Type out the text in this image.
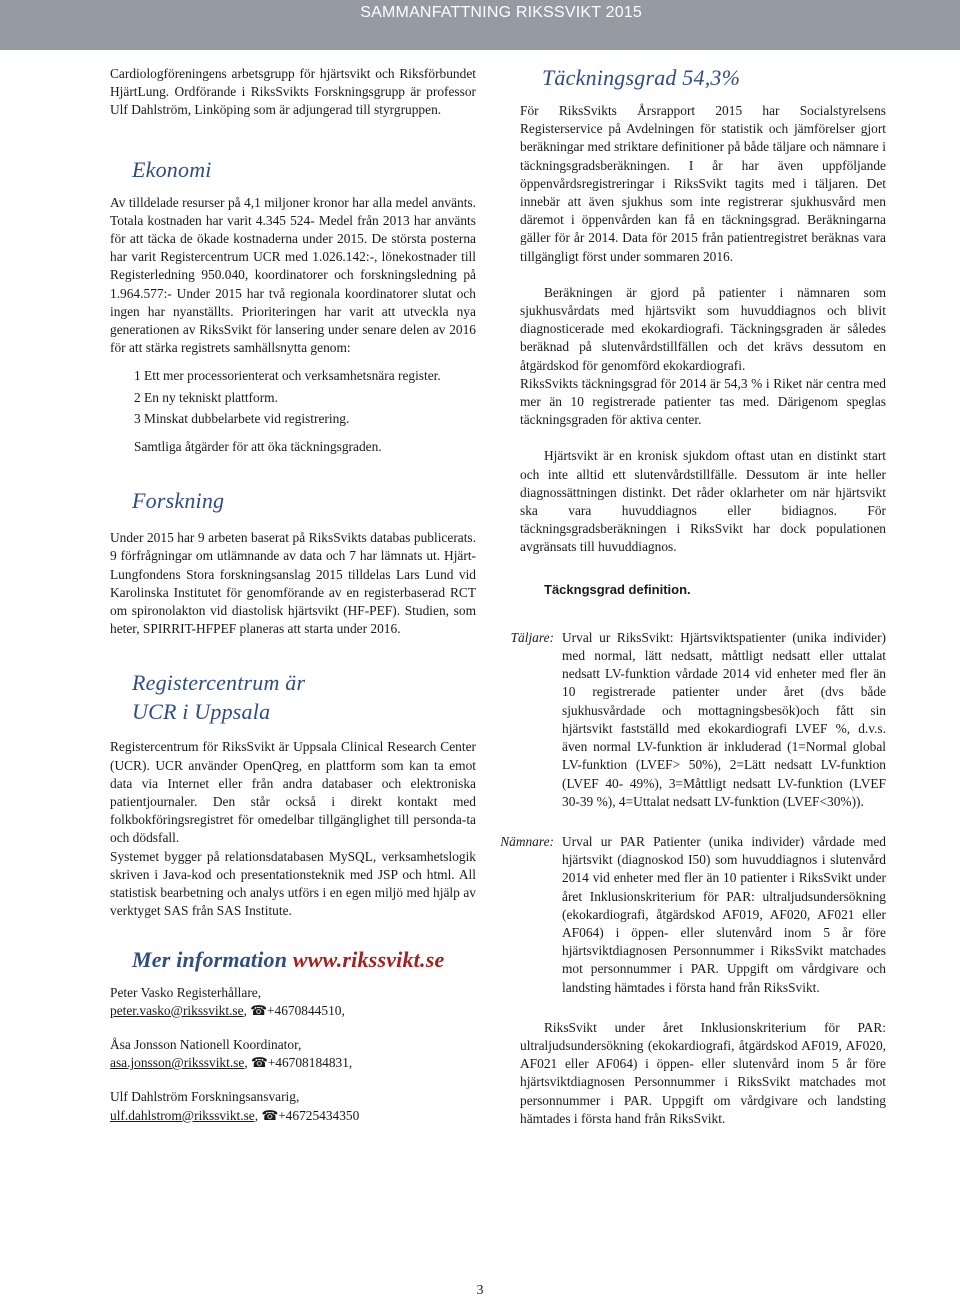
SAMMANFATTNING RIKSSVIKT 2015

Cardiologföreningens arbetsgrupp för hjärtsvikt och Riksförbundet HjärtLung. Ordförande i RiksSvikts Forskningsgrupp är professor Ulf Dahlström, Linköping som är adjungerad till styrgruppen.

Ekonomi

Av tilldelade resurser på 4,1 miljoner kronor har alla medel använts. Totala kostnaden har varit 4.345 524- Medel från 2013 har använts för att täcka de ökade kostnaderna under 2015. De största posterna har varit Registercentrum UCR med 1.026.142:-, lönekostnader till Registerledning 950.040, koordinatorer och forskningsledning på 1.964.577:- Under 2015 har två regionala koordinatorer slutat och ingen har nyanställts. Prioriteringen har varit att utveckla nya generationen av RiksSvikt för lansering under senare delen av 2016 för att stärka registrets samhällsnytta genom:

1 Ett mer processorienterat och verksamhetsnära register.
2 En ny tekniskt plattform.
3 Minskat dubbelarbete vid registrering.

Samtliga åtgärder för att öka täckningsgraden.

Forskning

Under 2015 har 9 arbeten baserat på RiksSvikts databas publicerats. 9 förfrågningar om utlämnande av data och 7 har lämnats ut. Hjärt-Lungfondens Stora forskningsanslag 2015 tilldelas Lars Lund vid Karolinska Institutet för genomförande av en registerbaserad RCT om spironolakton vid diastolisk hjärtsvikt (HF-PEF). Studien, som heter, SPIRRIT-HFPEF planeras att starta under 2016.

Registercentrum är
UCR i Uppsala

Registercentrum för RiksSvikt är Uppsala Clinical Research Center (UCR). UCR använder OpenQreg, en plattform som kan ta emot data via Internet eller från andra databaser och elektroniska patientjournaler. Den står också i direkt kontakt med folkbokföringsregistret för omedelbar tillgänglighet till personda-ta och dödsfall.

Systemet bygger på relationsdatabasen MySQL, verksamhetslogik skriven i Java-kod och presentationsteknik med JSP och html. All statistisk bearbetning och analys utförs i en egen miljö med hjälp av verktyget SAS från SAS Institute.

Mer information www.rikssvikt.se
Peter Vasko Registerhållare,
peter.vasko@rikssvikt.se, ☎+4670844510,
Åsa Jonsson Nationell Koordinator,
asa.jonsson@rikssvikt.se, ☎+46708184831,
Ulf Dahlström Forskningsansvarig,
ulf.dahlstrom@rikssvikt.se, ☎+46725434350
Täckningsgrad 54,3%

För RiksSvikts Årsrapport 2015 har Socialstyrelsens Registerservice på Avdelningen för statistik och jämförelser gjort beräkningar med striktare definitioner på både täljare och nämnare i täckningsgradsberäkningen. I år har även uppföljande öppenvårdsregistreringar i RiksSvikt tagits med i täljaren. Det innebär att även sjukhus som inte registrerar sjukhusvård men däremot i öppenvården kan få en täckningsgrad. Beräkningarna gäller för år 2014. Data för 2015 från patientregistret beräknas vara tillgängligt först under sommaren 2016.

Beräkningen är gjord på patienter i nämnaren som sjukhusvårdats med hjärtsvikt som huvuddiagnos och blivit diagnosticerade med ekokardiografi. Täckningsgraden är således beräknad på slutenvårdstillfällen och det krävs dessutom en åtgärdskod för genomförd ekokardiografi.

RiksSvikts täckningsgrad för 2014 är 54,3 % i Riket när centra med mer än 10 registrerade patienter tas med. Därigenom speglas täckningsgraden för aktiva center.

Hjärtsvikt är en kronisk sjukdom oftast utan en distinkt start och inte alltid ett slutenvårdstillfälle. Dessutom är inte heller diagnossättningen distinkt. Det råder oklarheter om när hjärtsvikt ska vara huvuddiagnos eller bidiagnos. För täckningsgradsberäkningen i RiksSvikt har dock populationen avgränsats till huvuddiagnos.

Täckngsgrad definition.

Täljare: Urval ur RiksSvikt: Hjärtsviktspatienter (unika individer) med normal, lätt nedsatt, måttligt nedsatt eller uttalat nedsatt LV-funktion vårdade 2014 vid enheter med fler än 10 registrerade patienter under året (dvs både sjukhusvårdade och mottagningsbesök)och fått sin hjärtsvikt fastställd med ekokardiografi LVEF %, d.v.s. även normal LV-funktion är inkluderad (1=Normal global LV-funktion (LVEF> 50%), 2=Lätt nedsatt LV-funktion (LVEF 40- 49%), 3=Måttligt nedsatt LV-funktion (LVEF 30-39 %), 4=Uttalat nedsatt LV-funktion (LVEF<30%)).

Nämnare: Urval ur PAR Patienter (unika individer) vårdade med hjärtsvikt (diagnoskod I50) som huvuddiagnos i slutenvård 2014 vid enheter med fler än 10 patienter i RiksSvikt under året Inklusionskriterium för PAR: ultraljudsundersökning (ekokardiografi, åtgärdskod AF019, AF020, AF021 eller AF064) i öppen- eller slutenvård inom 5 år före hjärtsviktdiagnosen Personnummer i RiksSvikt matchades mot personnummer i PAR. Uppgift om vårdgivare och landsting hämtades i första hand från RiksSvikt.

RiksSvikt under året Inklusionskriterium för PAR: ultraljudsundersökning (ekokardiografi, åtgärdskod AF019, AF020, AF021 eller AF064) i öppen- eller slutenvård inom 5 år före hjärtsviktdiagnosen Personnummer i RiksSvikt matchades mot personnummer i PAR. Uppgift om vårdgivare och landsting hämtades i första hand från RiksSvikt.

3
